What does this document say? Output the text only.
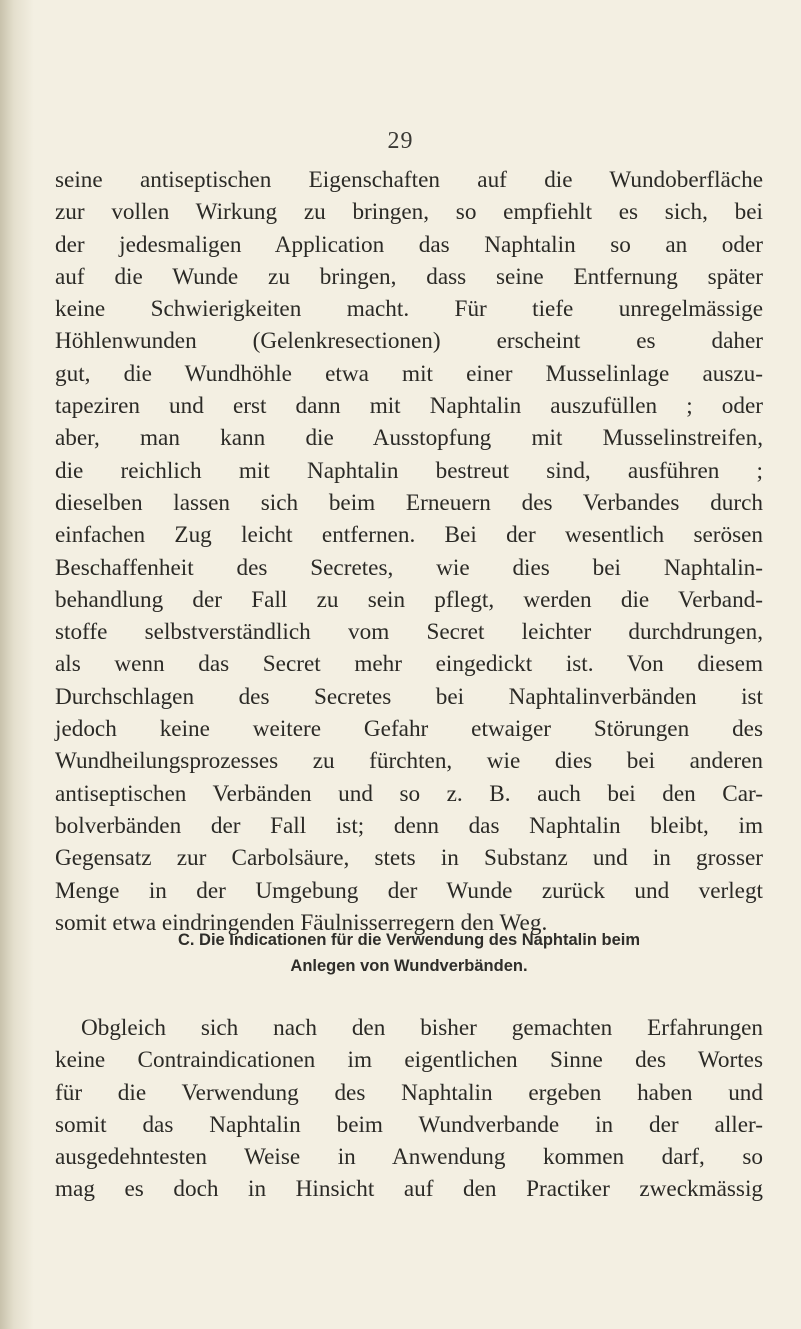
29
seine antiseptischen Eigenschaften auf die Wundoberfläche
zur vollen Wirkung zu bringen, so empfiehlt es sich, bei
der jedesmaligen Application das Naphtalin so an oder
auf die Wunde zu bringen, dass seine Entfernung später
keine Schwierigkeiten macht. Für tiefe unregelmässige
Höhlenwunden (Gelenkresectionen) erscheint es daher
gut, die Wundhöhle etwa mit einer Musselinlage auszu-
tapeziren und erst dann mit Naphtalin auszufüllen ; oder
aber, man kann die Ausstopfung mit Musselinstreifen,
die reichlich mit Naphtalin bestreut sind, ausführen ;
dieselben lassen sich beim Erneuern des Verbandes durch
einfachen Zug leicht entfernen. Bei der wesentlich serösen
Beschaffenheit des Secretes, wie dies bei Naphtalin-
behandlung der Fall zu sein pflegt, werden die Verband-
stoffe selbstverständlich vom Secret leichter durchdrungen,
als wenn das Secret mehr eingedickt ist. Von diesem
Durchschlagen des Secretes bei Naphtalinverbänden ist
jedoch keine weitere Gefahr etwaiger Störungen des
Wundheilungsprozesses zu fürchten, wie dies bei anderen
antiseptischen Verbänden und so z. B. auch bei den Car-
bolverbänden der Fall ist; denn das Naphtalin bleibt, im
Gegensatz zur Carbolsäure, stets in Substanz und in grosser
Menge in der Umgebung der Wunde zurück und verlegt
somit etwa eindringenden Fäulnisserregern den Weg.
C. Die Indicationen für die Verwendung des Naphtalin beim
Anlegen von Wundverbänden.
Obgleich sich nach den bisher gemachten Erfahrungen
keine Contraindicationen im eigentlichen Sinne des Wortes
für die Verwendung des Naphtalin ergeben haben und
somit das Naphtalin beim Wundverbande in der aller-
ausgedehntesten Weise in Anwendung kommen darf, so
mag es doch in Hinsicht auf den Practiker zweckmässig
